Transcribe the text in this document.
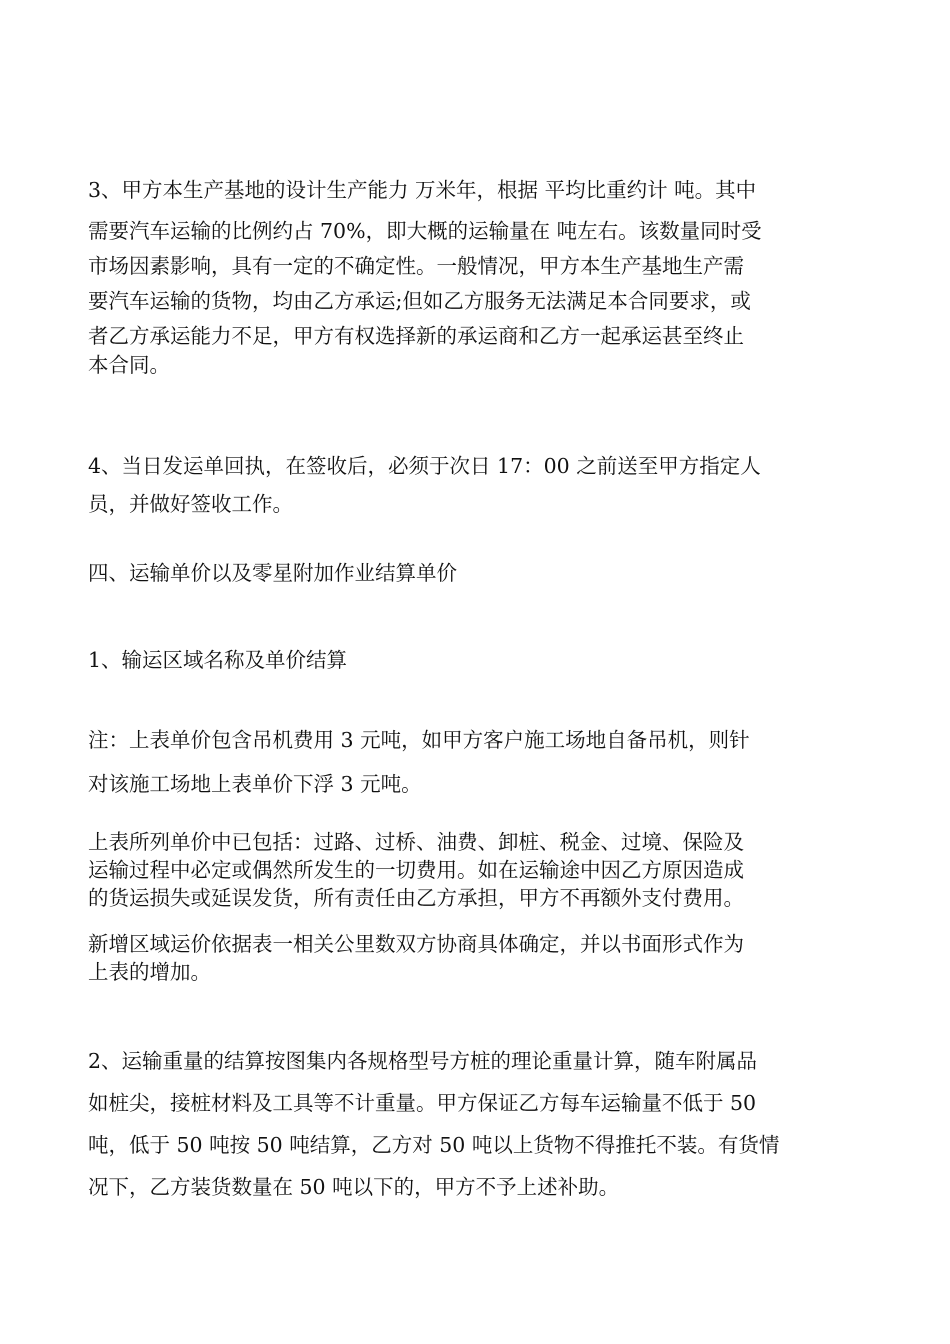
3、甲方本生产基地的设计生产能力 万米年，根据 平均比重约计 吨。其中
需要汽车运输的比例约占 70%，即大概的运输量在 吨左右。该数量同时受
市场因素影响，具有一定的不确定性。一般情况，甲方本生产基地生产需
要汽车运输的货物，均由乙方承运;但如乙方服务无法满足本合同要求，或
者乙方承运能力不足，甲方有权选择新的承运商和乙方一起承运甚至终止
本合同。

4、当日发运单回执，在签收后，必须于次日 17：00 之前送至甲方指定人
员，并做好签收工作。

四、运输单价以及零星附加作业结算单价

1、输运区域名称及单价结算

注：上表单价包含吊机费用 3 元吨，如甲方客户施工场地自备吊机，则针
对该施工场地上表单价下浮 3 元吨。

上表所列单价中已包括：过路、过桥、油费、卸桩、税金、过境、保险及
运输过程中必定或偶然所发生的一切费用。如在运输途中因乙方原因造成
的货运损失或延误发货，所有责任由乙方承担，甲方不再额外支付费用。

新增区域运价依据表一相关公里数双方协商具体确定，并以书面形式作为
上表的增加。

2、运输重量的结算按图集内各规格型号方桩的理论重量计算，随车附属品
如桩尖，接桩材料及工具等不计重量。甲方保证乙方每车运输量不低于 50
吨，低于 50 吨按 50 吨结算，乙方对 50 吨以上货物不得推托不装。有货情
况下，乙方装货数量在 50 吨以下的，甲方不予上述补助。
